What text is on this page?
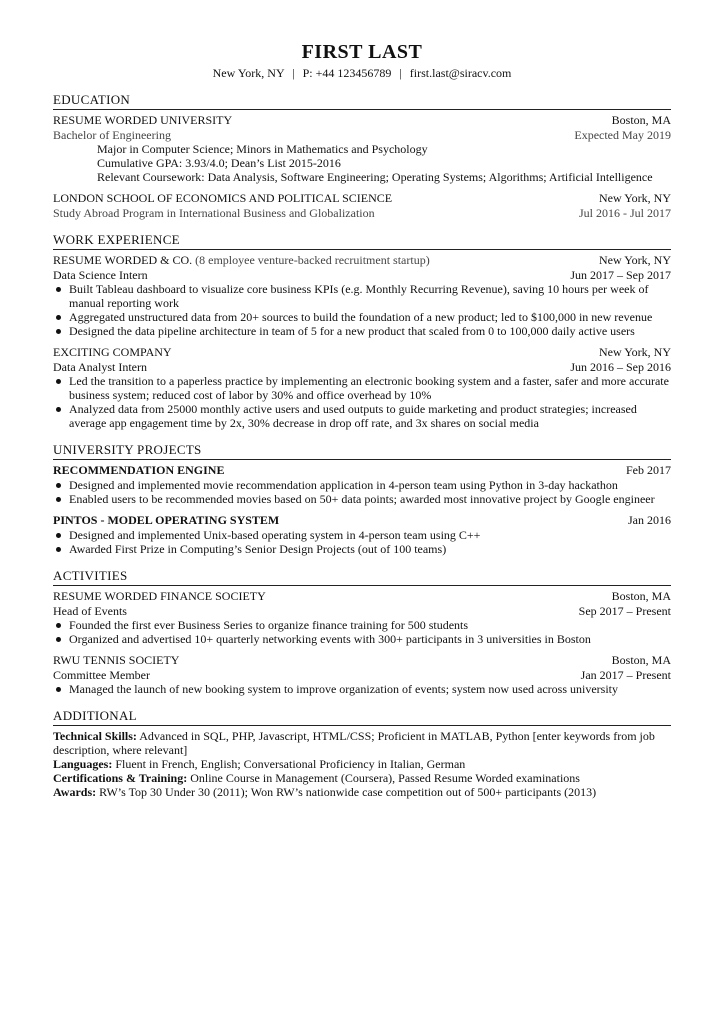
FIRST LAST
New York, NY | P: +44 123456789 | first.last@siracv.com
EDUCATION
RESUME WORDED UNIVERSITY	Boston, MA
Bachelor of Engineering	Expected May 2019
Major in Computer Science; Minors in Mathematics and Psychology
Cumulative GPA: 3.93/4.0; Dean’s List 2015-2016
Relevant Coursework: Data Analysis, Software Engineering; Operating Systems; Algorithms; Artificial Intelligence
LONDON SCHOOL OF ECONOMICS AND POLITICAL SCIENCE	New York, NY
Study Abroad Program in International Business and Globalization	Jul 2016 - Jul 2017
WORK EXPERIENCE
RESUME WORDED & CO. (8 employee venture-backed recruitment startup)	New York, NY
Data Science Intern	Jun 2017 – Sep 2017
Built Tableau dashboard to visualize core business KPIs (e.g. Monthly Recurring Revenue), saving 10 hours per week of manual reporting work
Aggregated unstructured data from 20+ sources to build the foundation of a new product; led to $100,000 in new revenue
Designed the data pipeline architecture in team of 5 for a new product that scaled from 0 to 100,000 daily active users
EXCITING COMPANY	New York, NY
Data Analyst Intern	Jun 2016 – Sep 2016
Led the transition to a paperless practice by implementing an electronic booking system and a faster, safer and more accurate business system; reduced cost of labor by 30% and office overhead by 10%
Analyzed data from 25000 monthly active users and used outputs to guide marketing and product strategies; increased average app engagement time by 2x, 30% decrease in drop off rate, and 3x shares on social media
UNIVERSITY PROJECTS
RECOMMENDATION ENGINE	Feb 2017
Designed and implemented movie recommendation application in 4-person team using Python in 3-day hackathon
Enabled users to be recommended movies based on 50+ data points; awarded most innovative project by Google engineer
PINTOS - MODEL OPERATING SYSTEM	Jan 2016
Designed and implemented Unix-based operating system in 4-person team using C++
Awarded First Prize in Computing’s Senior Design Projects (out of 100 teams)
ACTIVITIES
RESUME WORDED FINANCE SOCIETY	Boston, MA
Head of Events	Sep 2017 – Present
Founded the first ever Business Series to organize finance training for 500 students
Organized and advertised 10+ quarterly networking events with 300+ participants in 3 universities in Boston
RWU TENNIS SOCIETY	Boston, MA
Committee Member	Jan 2017 – Present
Managed the launch of new booking system to improve organization of events; system now used across university
ADDITIONAL
Technical Skills: Advanced in SQL, PHP, Javascript, HTML/CSS; Proficient in MATLAB, Python [enter keywords from job description, where relevant]
Languages: Fluent in French, English; Conversational Proficiency in Italian, German
Certifications & Training: Online Course in Management (Coursera), Passed Resume Worded examinations
Awards: RW’s Top 30 Under 30 (2011); Won RW’s nationwide case competition out of 500+ participants (2013)
